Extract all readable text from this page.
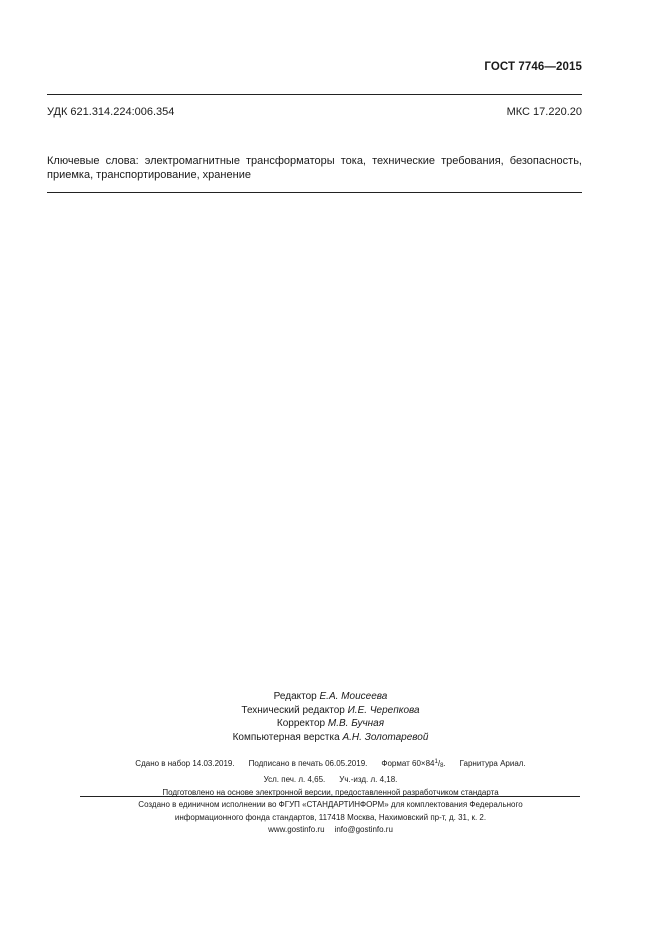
ГОСТ 7746—2015
УДК 621.314.224:006.354	МКС 17.220.20
Ключевые слова: электромагнитные трансформаторы тока, технические требования, безопасность, приемка, транспортирование, хранение
Редактор Е.А. Моисеева
Технический редактор И.Е. Черепкова
Корректор М.В. Бучная
Компьютерная верстка А.Н. Золотаревой
Сдано в набор 14.03.2019. Подписано в печать 06.05.2019. Формат $60\times 84^1/_8$. Гарнитура Ариал.
Усл. печ. л. 4,65. Уч.-изд. л. 4,18.
Подготовлено на основе электронной версии, предоставленной разработчиком стандарта
Создано в единичном исполнении во ФГУП «СТАНДАРТИНФОРМ» для комплектования Федерального
информационного фонда стандартов, 117418 Москва, Нахимовский пр-т, д. 31, к. 2.
www.gostinfo.ru info@gostinfo.ru
